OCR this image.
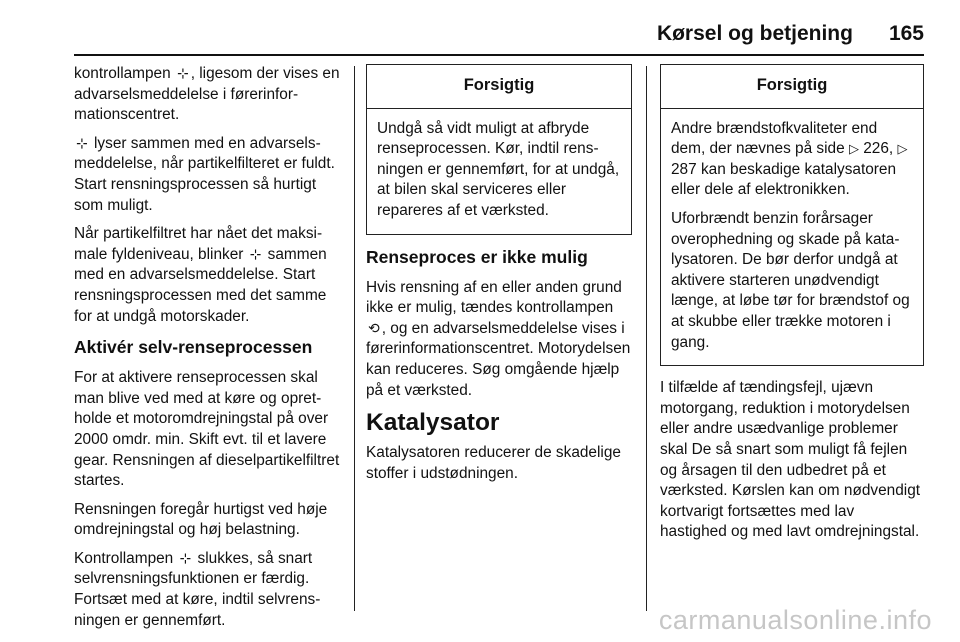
Kørsel og betjening 165

kontrollampen ⊹ , ligesom der vises en advarselsmeddelelse i førerinformationscentret.

⊹ lyser sammen med en advarselsmeddelelse, når partikelfilteret er fuldt. Start rensningsprocessen så hurtigt som muligt.

Når partikelfiltret har nået det maksimale fyldeniveau, blinker ⊹ sammen med en advarselsmeddelelse. Start rensningsprocessen med det samme for at undgå motorskader.

Aktivér selv-renseprocessen

For at aktivere renseprocessen skal man blive ved med at køre og opretholde et motoromdrejningstal på over 2000 omdr. min. Skift evt. til et lavere gear. Rensningen af dieselpartikelfiltret startes.

Rensningen foregår hurtigst ved høje omdrejningstal og høj belastning.

Kontrollampen ⊹ slukkes, så snart selvrensningsfunktionen er færdig. Fortsæt med at køre, indtil selvrensningen er gennemført.

Forsigtig

Undgå så vidt muligt at afbryde renseprocessen. Kør, indtil rensningen er gennemført, for at undgå, at bilen skal serviceres eller repareres af et værksted.

Renseproces er ikke mulig

Hvis rensning af en eller anden grund ikke er mulig, tændes kontrollampen ⟲ , og en advarselsmeddelelse vises i førerinformationscentret. Motorydelsen kan reduceres. Søg omgående hjælp på et værksted.

Katalysator

Katalysatoren reducerer de skadelige stoffer i udstødningen.

Forsigtig

Andre brændstofkvaliteter end dem, der nævnes på side ▷ 226, ▷ 287 kan beskadige katalysatoren eller dele af elektronikken.

Uforbrændt benzin forårsager overophedning og skade på katalysatoren. De bør derfor undgå at aktivere starteren unødvendigt længe, at løbe tør for brændstof og at skubbe eller trække motoren i gang.

I tilfælde af tændingsfejl, ujævn motorgang, reduktion i motorydelsen eller andre usædvanlige problemer skal De så snart som muligt få fejlen og årsagen til den udbedret på et værksted. Kørslen kan om nødvendigt kortvarigt fortsættes med lav hastighed og med lavt omdrejningstal.

carmanualsonline.info
